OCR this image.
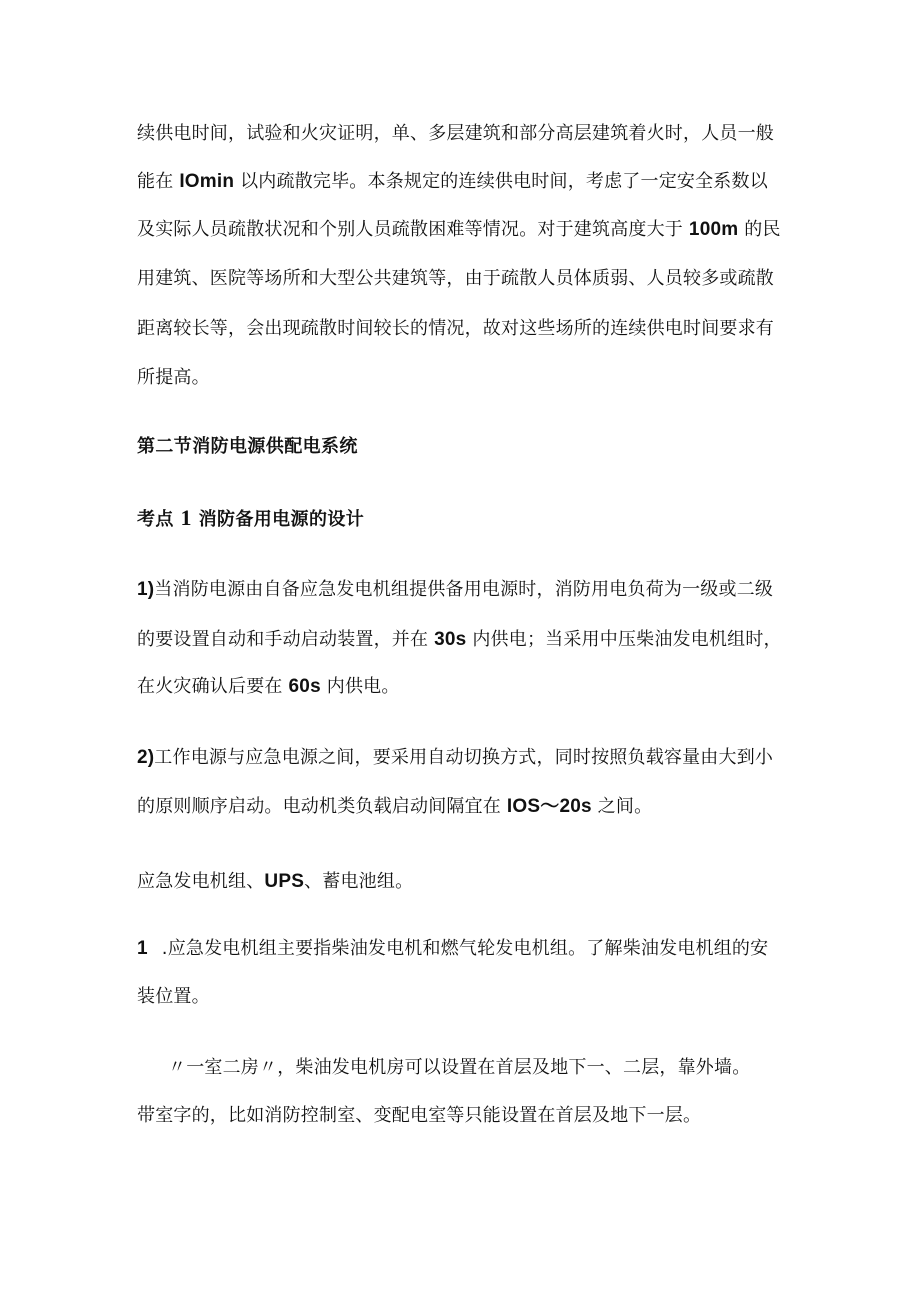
续供电时间，试验和火灾证明，单、多层建筑和部分高层建筑着火时，人员一般
能在 IOmin 以内疏散完毕。本条规定的连续供电时间，考虑了一定安全系数以
及实际人员疏散状况和个别人员疏散困难等情况。对于建筑高度大于 100m 的民
用建筑、医院等场所和大型公共建筑等，由于疏散人员体质弱、人员较多或疏散
距离较长等，会出现疏散时间较长的情况，故对这些场所的连续供电时间要求有
所提高。
第二节消防电源供配电系统
考点 1 消防备用电源的设计
1)当消防电源由自备应急发电机组提供备用电源时，消防用电负荷为一级或二级
的要设置自动和手动启动装置，并在 30s 内供电；当采用中压柴油发电机组时，
在火灾确认后要在 60s 内供电。
2)工作电源与应急电源之间，要采用自动切换方式，同时按照负载容量由大到小
的原则顺序启动。电动机类负载启动间隔宜在 IOS～20s 之间。
应急发电机组、UPS、蓄电池组。
1 .应急发电机组主要指柴油发电机和燃气轮发电机组。了解柴油发电机组的安
装位置。
〃一室二房〃，柴油发电机房可以设置在首层及地下一、二层，靠外墙。
带室字的，比如消防控制室、变配电室等只能设置在首层及地下一层。
